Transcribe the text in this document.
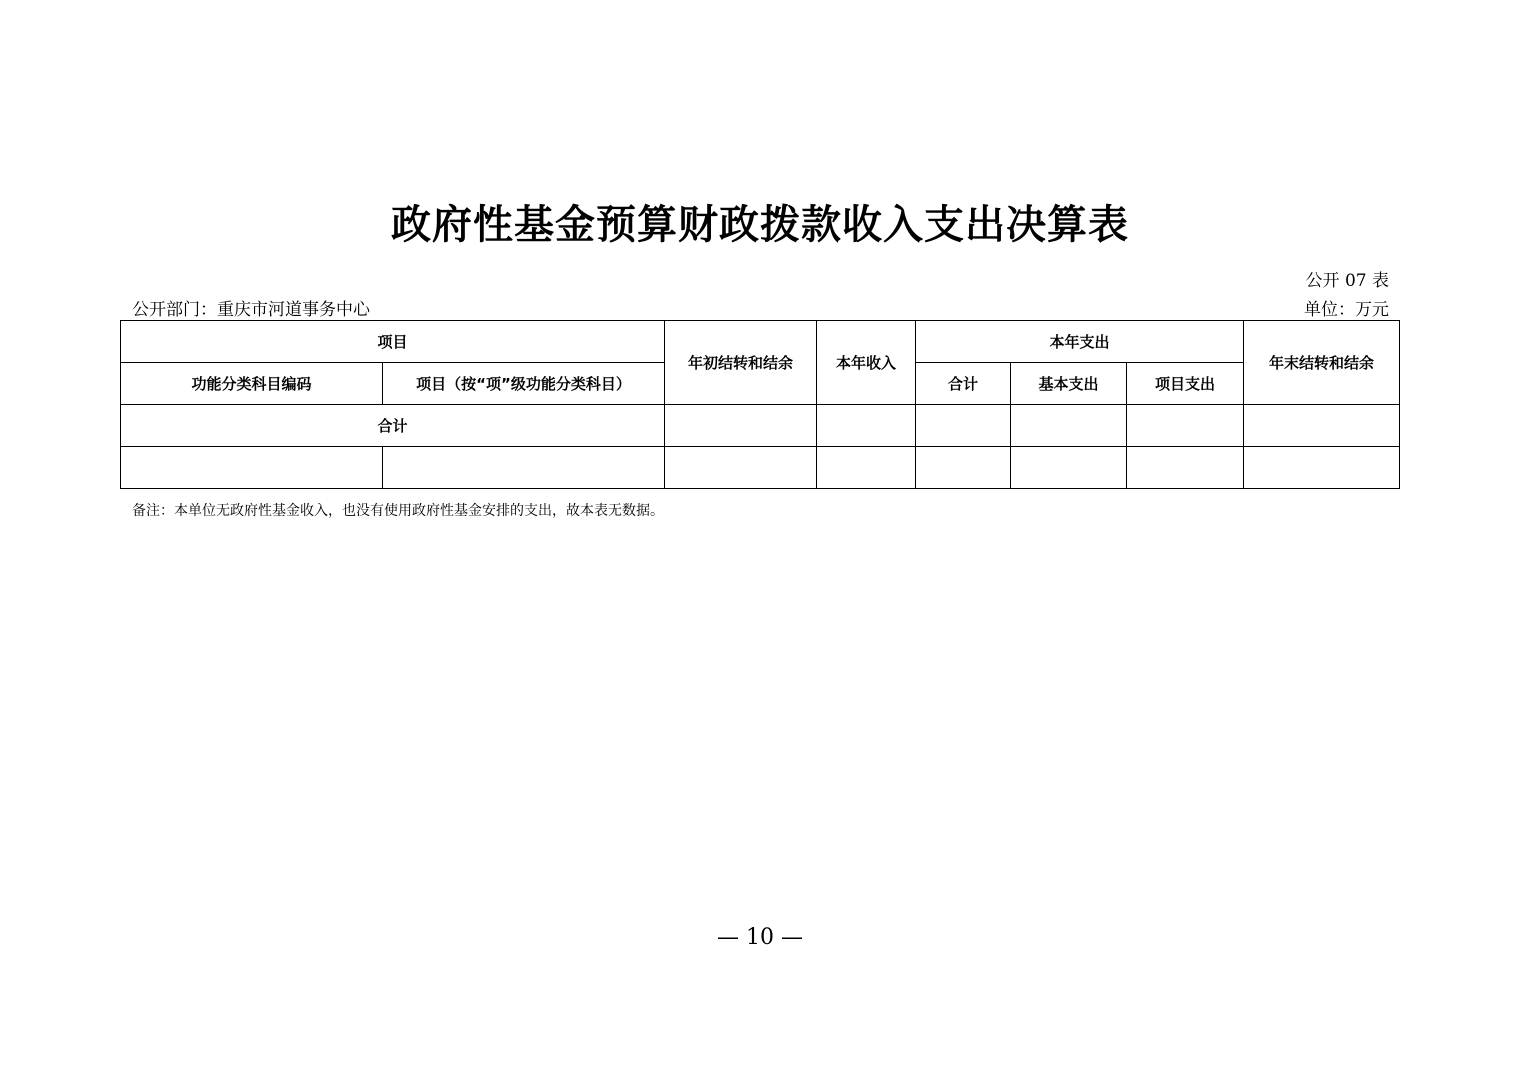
政府性基金预算财政拨款收入支出决算表
公开 07 表
公开部门：重庆市河道事务中心	单位：万元
项目		年初结转和结余	本年收入	本年支出			年末结转和结余
功能分类科目编码	项目（按“项”级功能分类科目）			合计	基本支出	项目支出	
合计							

备注：本单位无政府性基金收入，也没有使用政府性基金安排的支出，故本表无数据。
— 10 —
